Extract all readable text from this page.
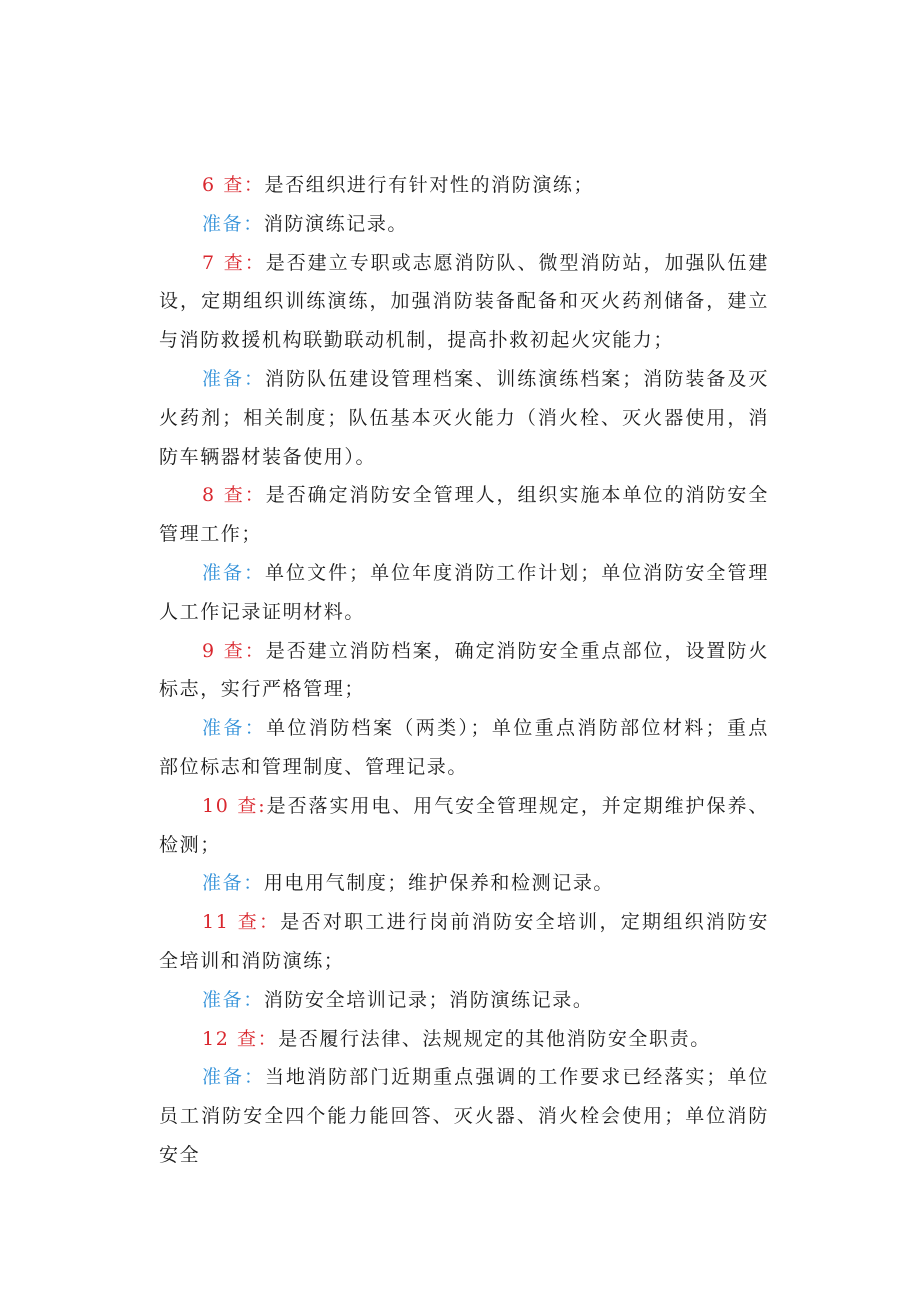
6 查：是否组织进行有针对性的消防演练；

准备：消防演练记录。

7 查：是否建立专职或志愿消防队、微型消防站，加强队伍建设，定期组织训练演练，加强消防装备配备和灭火药剂储备，建立与消防救援机构联勤联动机制，提高扑救初起火灾能力；

准备：消防队伍建设管理档案、训练演练档案；消防装备及灭火药剂；相关制度；队伍基本灭火能力（消火栓、灭火器使用，消防车辆器材装备使用）。

8 查：是否确定消防安全管理人，组织实施本单位的消防安全管理工作；

准备：单位文件；单位年度消防工作计划；单位消防安全管理人工作记录证明材料。

9 查：是否建立消防档案，确定消防安全重点部位，设置防火标志，实行严格管理；

准备：单位消防档案（两类）；单位重点消防部位材料；重点部位标志和管理制度、管理记录。

10 查:是否落实用电、用气安全管理规定，并定期维护保养、检测；

准备：用电用气制度；维护保养和检测记录。

11 查：是否对职工进行岗前消防安全培训，定期组织消防安全培训和消防演练；

准备：消防安全培训记录；消防演练记录。

12 查：是否履行法律、法规规定的其他消防安全职责。

准备：当地消防部门近期重点强调的工作要求已经落实；单位员工消防安全四个能力能回答、灭火器、消火栓会使用；单位消防安全
